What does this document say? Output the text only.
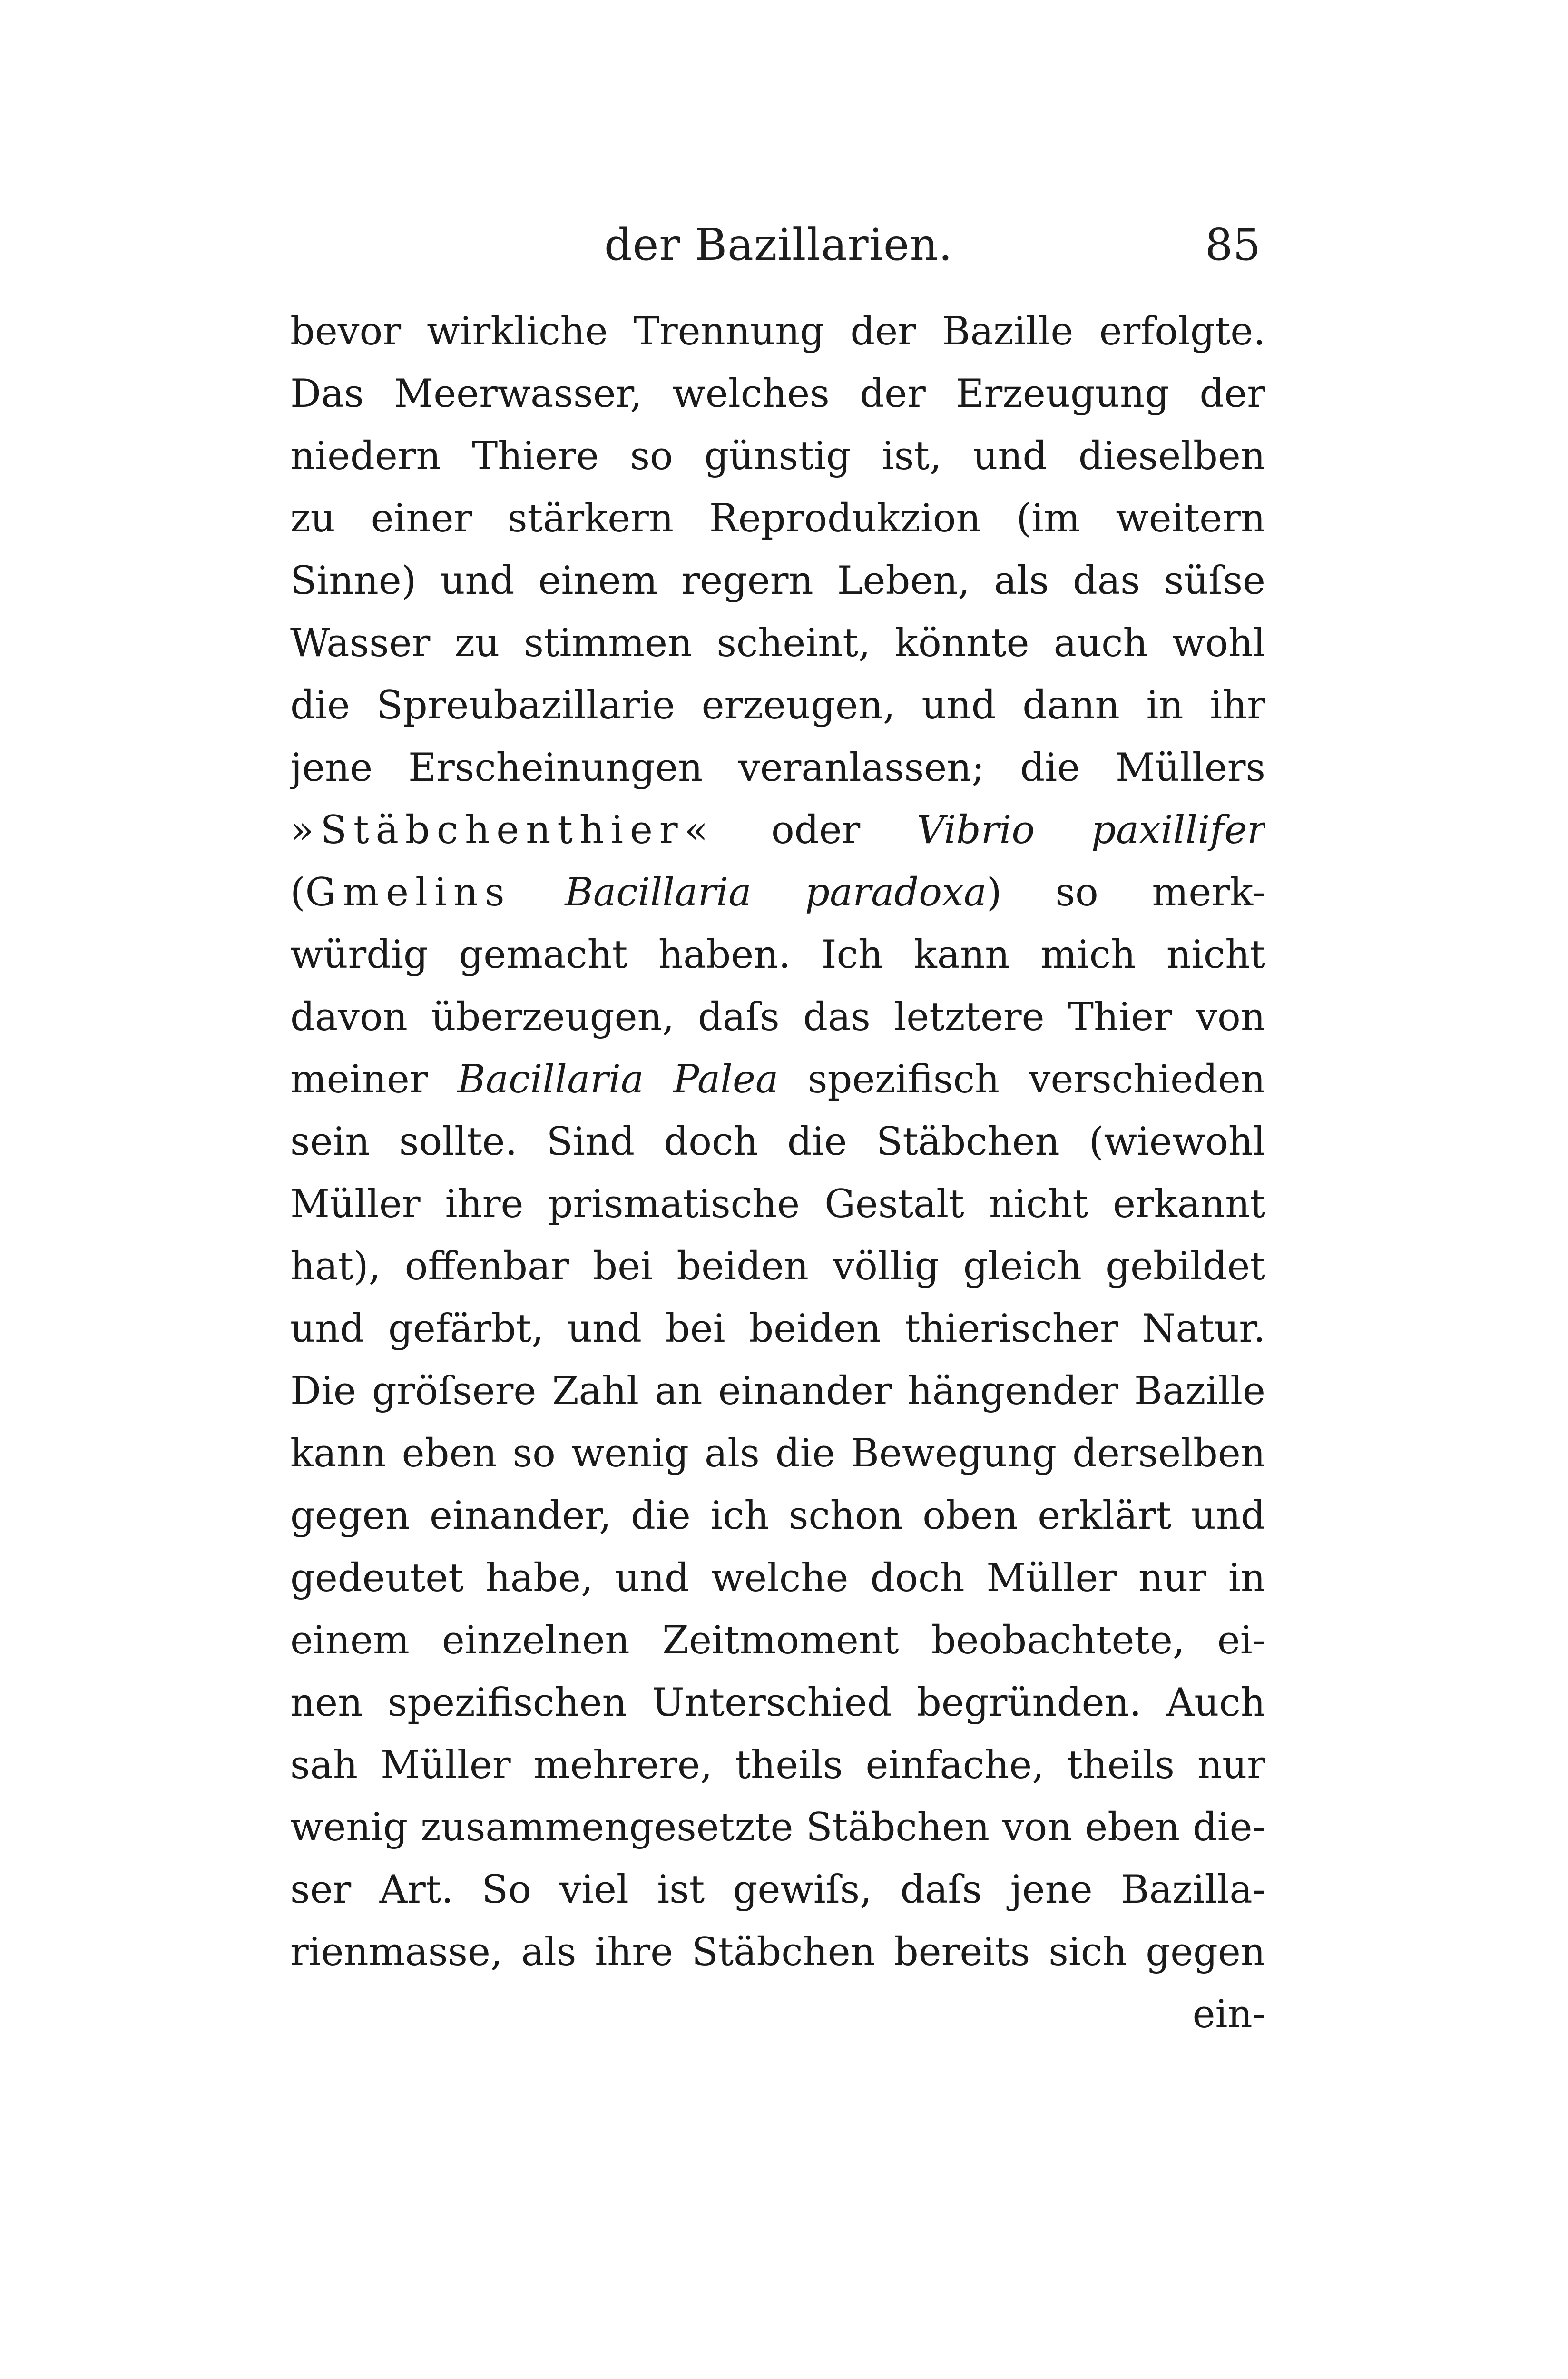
der Bazillarien.	85
bevor wirkliche Trennung der Bazille erfolgte.
Das Meerwasser, welches der Erzeugung der
niedern Thiere so günstig ist, und dieselben
zu einer stärkern Reprodukzion (im weitern
Sinne) und einem regern Leben, als das süſse
Wasser zu stimmen scheint, könnte auch wohl
die Spreubazillarie erzeugen, und dann in ihr
jene Erscheinungen veranlassen; die Müllers
»Stäbchenthier« oder Vibrio paxillifer
(Gmelins Bacillaria paradoxa) so merk-
würdig gemacht haben. Ich kann mich nicht
davon überzeugen, daſs das letztere Thier von
meiner Bacillaria Palea spezifisch verschieden
sein sollte. Sind doch die Stäbchen (wiewohl
Müller ihre prismatische Gestalt nicht erkannt
hat), offenbar bei beiden völlig gleich gebildet
und gefärbt, und bei beiden thierischer Natur.
Die gröſsere Zahl an einander hängender Bazille
kann eben so wenig als die Bewegung derselben
gegen einander, die ich schon oben erklärt und
gedeutet habe, und welche doch Müller nur in
einem einzelnen Zeitmoment beobachtete, ei-
nen spezifischen Unterschied begründen. Auch
sah Müller mehrere, theils einfache, theils nur
wenig zusammengesetzte Stäbchen von eben die-
ser Art. So viel ist gewiſs, daſs jene Bazilla-
rienmasse, als ihre Stäbchen bereits sich gegen
ein-
